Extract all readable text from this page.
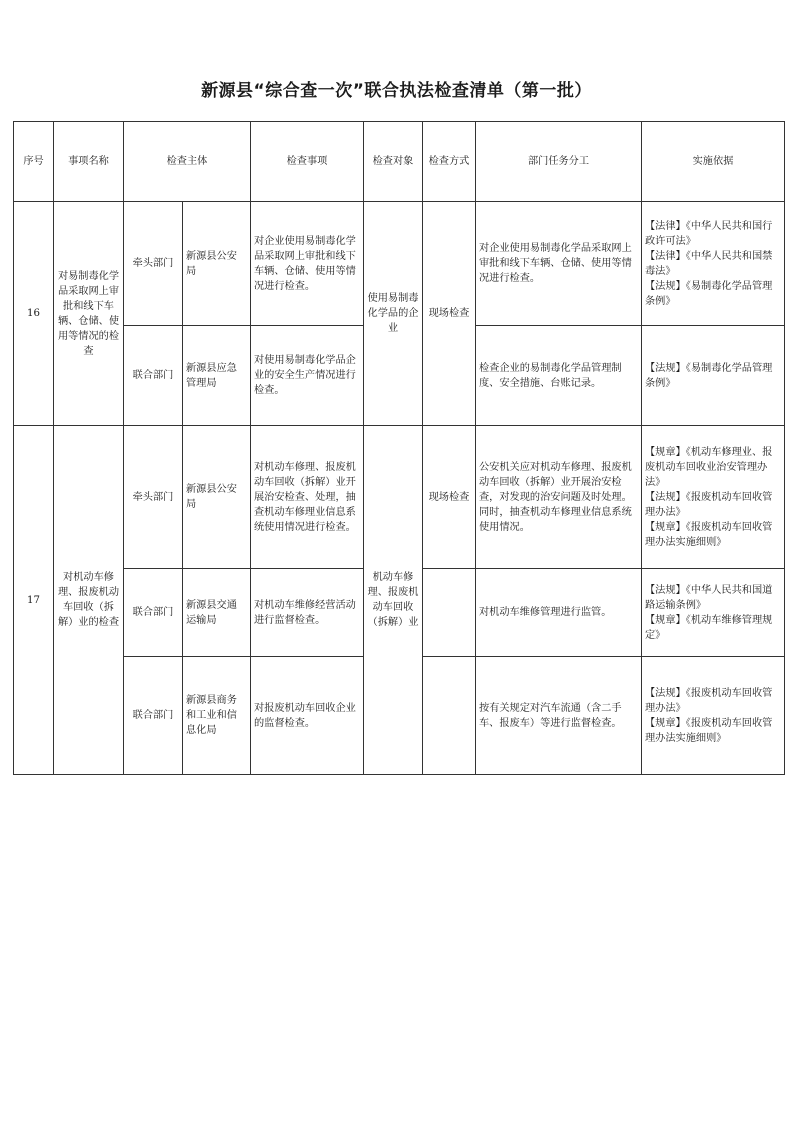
新源县“综合查一次”联合执法检查清单（第一批）
序号	事项名称	检查主体		检查事项	检查对象	检查方式	部门任务分工	实施依据
16	对易制毒化学品采取网上审批和线下车辆、仓储、使用等情况的检查	牵头部门	新源县公安局	对企业使用易制毒化学品采取网上审批和线下车辆、仓储、使用等情况进行检查。	使用易制毒化学品的企业	现场检查	对企业使用易制毒化学品采取网上审批和线下车辆、仓储、使用等情况进行检查。	【法律】《中华人民共和国行政许可法》
【法律】《中华人民共和国禁毒法》
【法规】《易制毒化学品管理条例》
		联合部门	新源县应急管理局	对使用易制毒化学品企业的安全生产情况进行检查。			检查企业的易制毒化学品管理制度、安全措施、台账记录。	【法规】《易制毒化学品管理条例》
17	对机动车修理、报废机动车回收（拆解）业的检查	牵头部门	新源县公安局	对机动车修理、报废机动车回收（拆解）业开展治安检查、处理，抽查机动车修理业信息系统使用情况进行检查。	机动车修理、报废机动车回收（拆解）业	现场检查	公安机关应对机动车修理、报废机动车回收（拆解）业开展治安检查，对发现的治安问题及时处理。同时，抽查机动车修理业信息系统使用情况。	【规章】《机动车修理业、报废机动车回收业治安管理办法》
【法规】《报废机动车回收管理办法》
【规章】《报废机动车回收管理办法实施细则》
		联合部门	新源县交通运输局	对机动车维修经营活动进行监督检查。			对机动车维修管理进行监管。	【法规】《中华人民共和国道路运输条例》
【规章】《机动车维修管理规定》
		联合部门	新源县商务和工业和信息化局	对报废机动车回收企业的监督检查。			按有关规定对汽车流通（含二手车、报废车）等进行监督检查。	【法规】《报废机动车回收管理办法》
【规章】《报废机动车回收管理办法实施细则》
